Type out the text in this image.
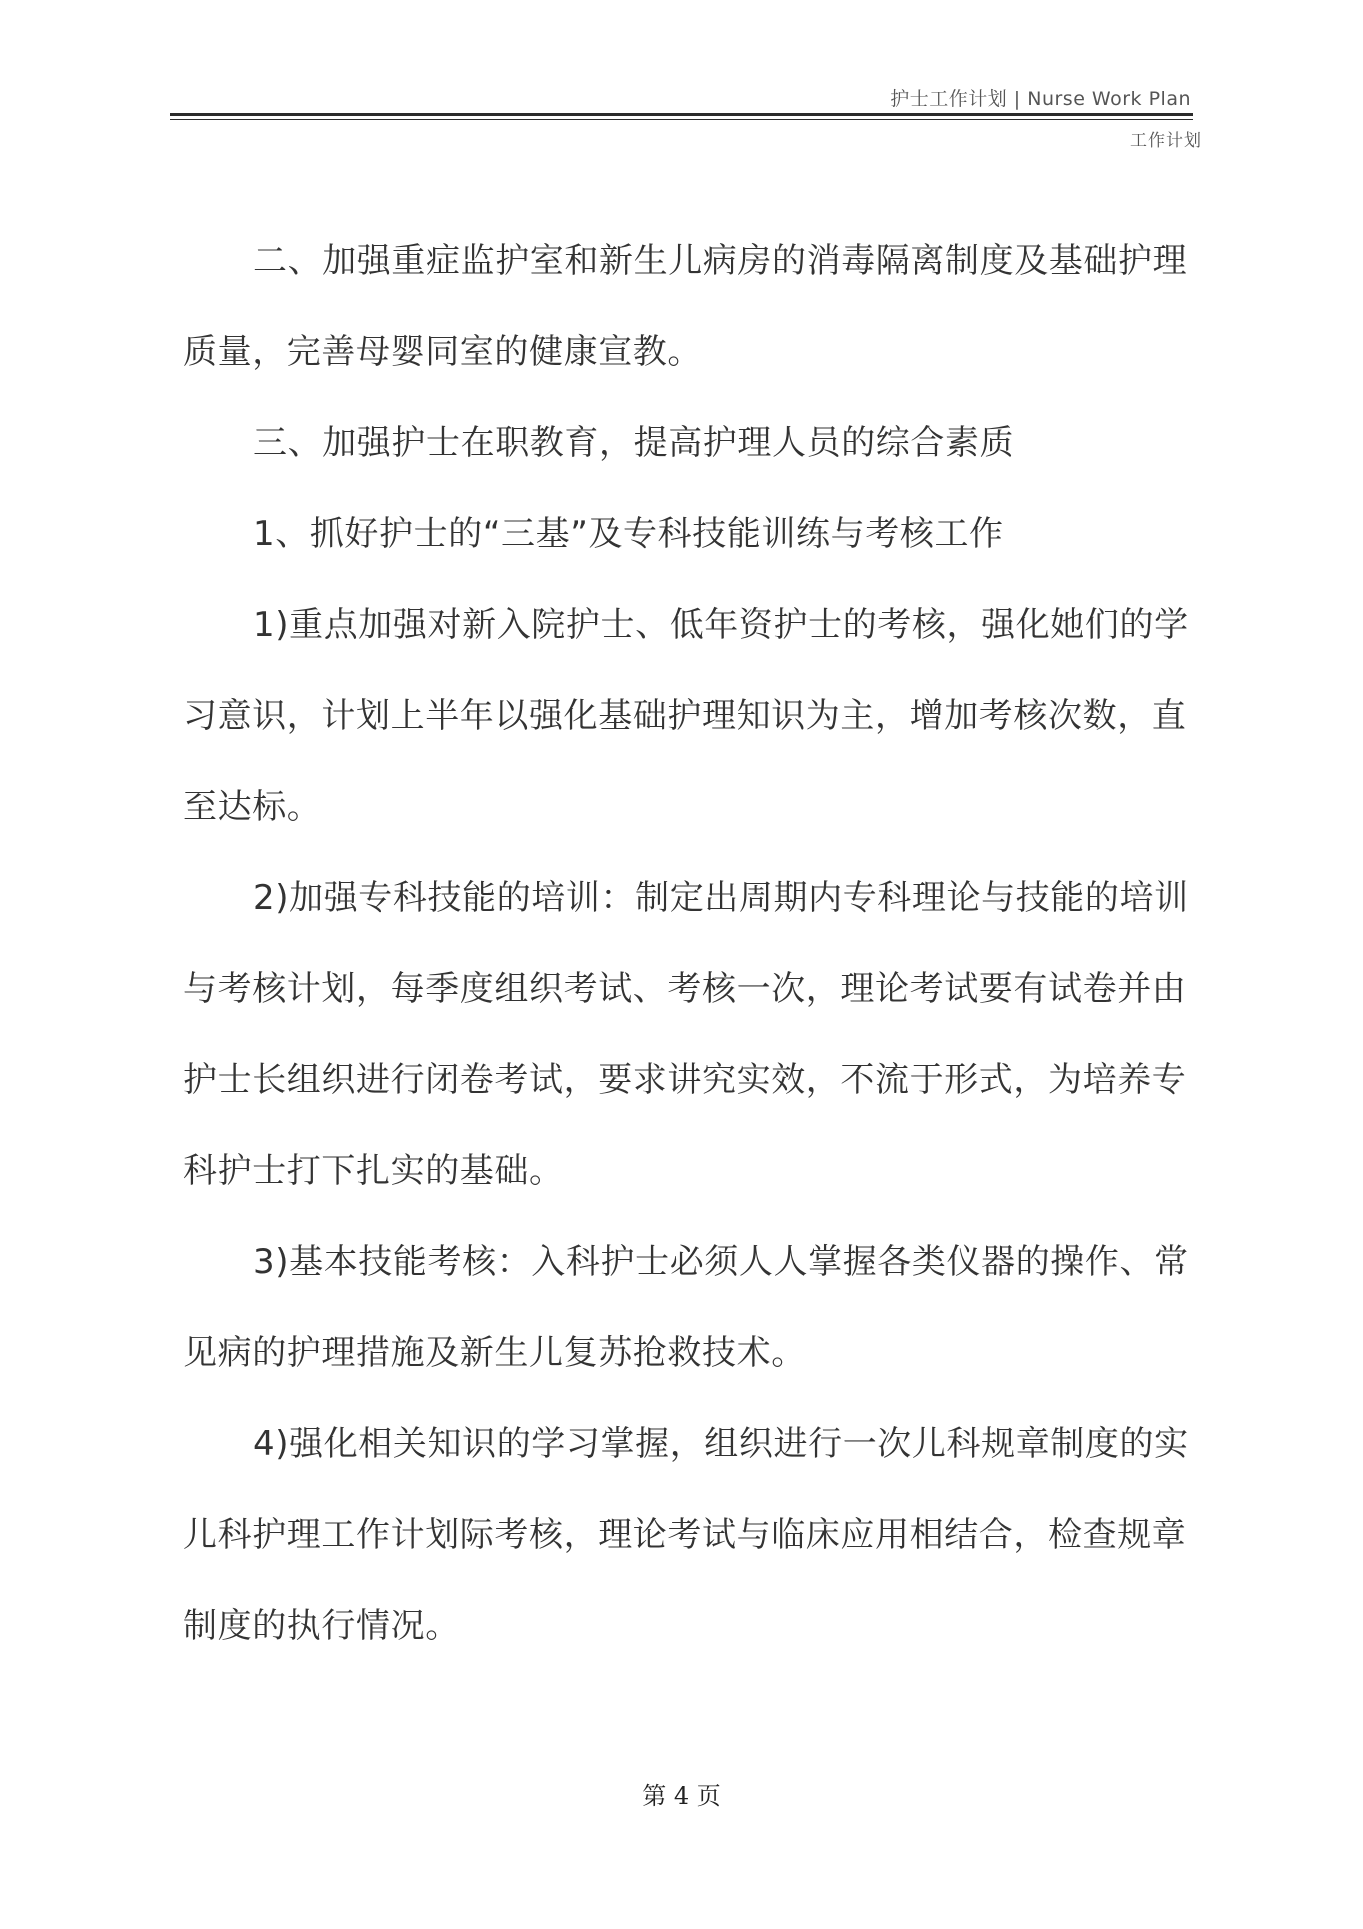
护士工作计划 | Nurse Work Plan
工作计划

二、加强重症监护室和新生儿病房的消毒隔离制度及基础护理质量，完善母婴同室的健康宣教。

三、加强护士在职教育，提高护理人员的综合素质

1、抓好护士的“三基”及专科技能训练与考核工作

1)重点加强对新入院护士、低年资护士的考核，强化她们的学习意识，计划上半年以强化基础护理知识为主，增加考核次数，直至达标。

2)加强专科技能的培训：制定出周期内专科理论与技能的培训与考核计划，每季度组织考试、考核一次，理论考试要有试卷并由护士长组织进行闭卷考试，要求讲究实效，不流于形式，为培养专科护士打下扎实的基础。

3)基本技能考核：入科护士必须人人掌握各类仪器的操作、常见病的护理措施及新生儿复苏抢救技术。

4)强化相关知识的学习掌握，组织进行一次儿科规章制度的实儿科护理工作计划际考核，理论考试与临床应用相结合，检查规章制度的执行情况。

第 4 页
